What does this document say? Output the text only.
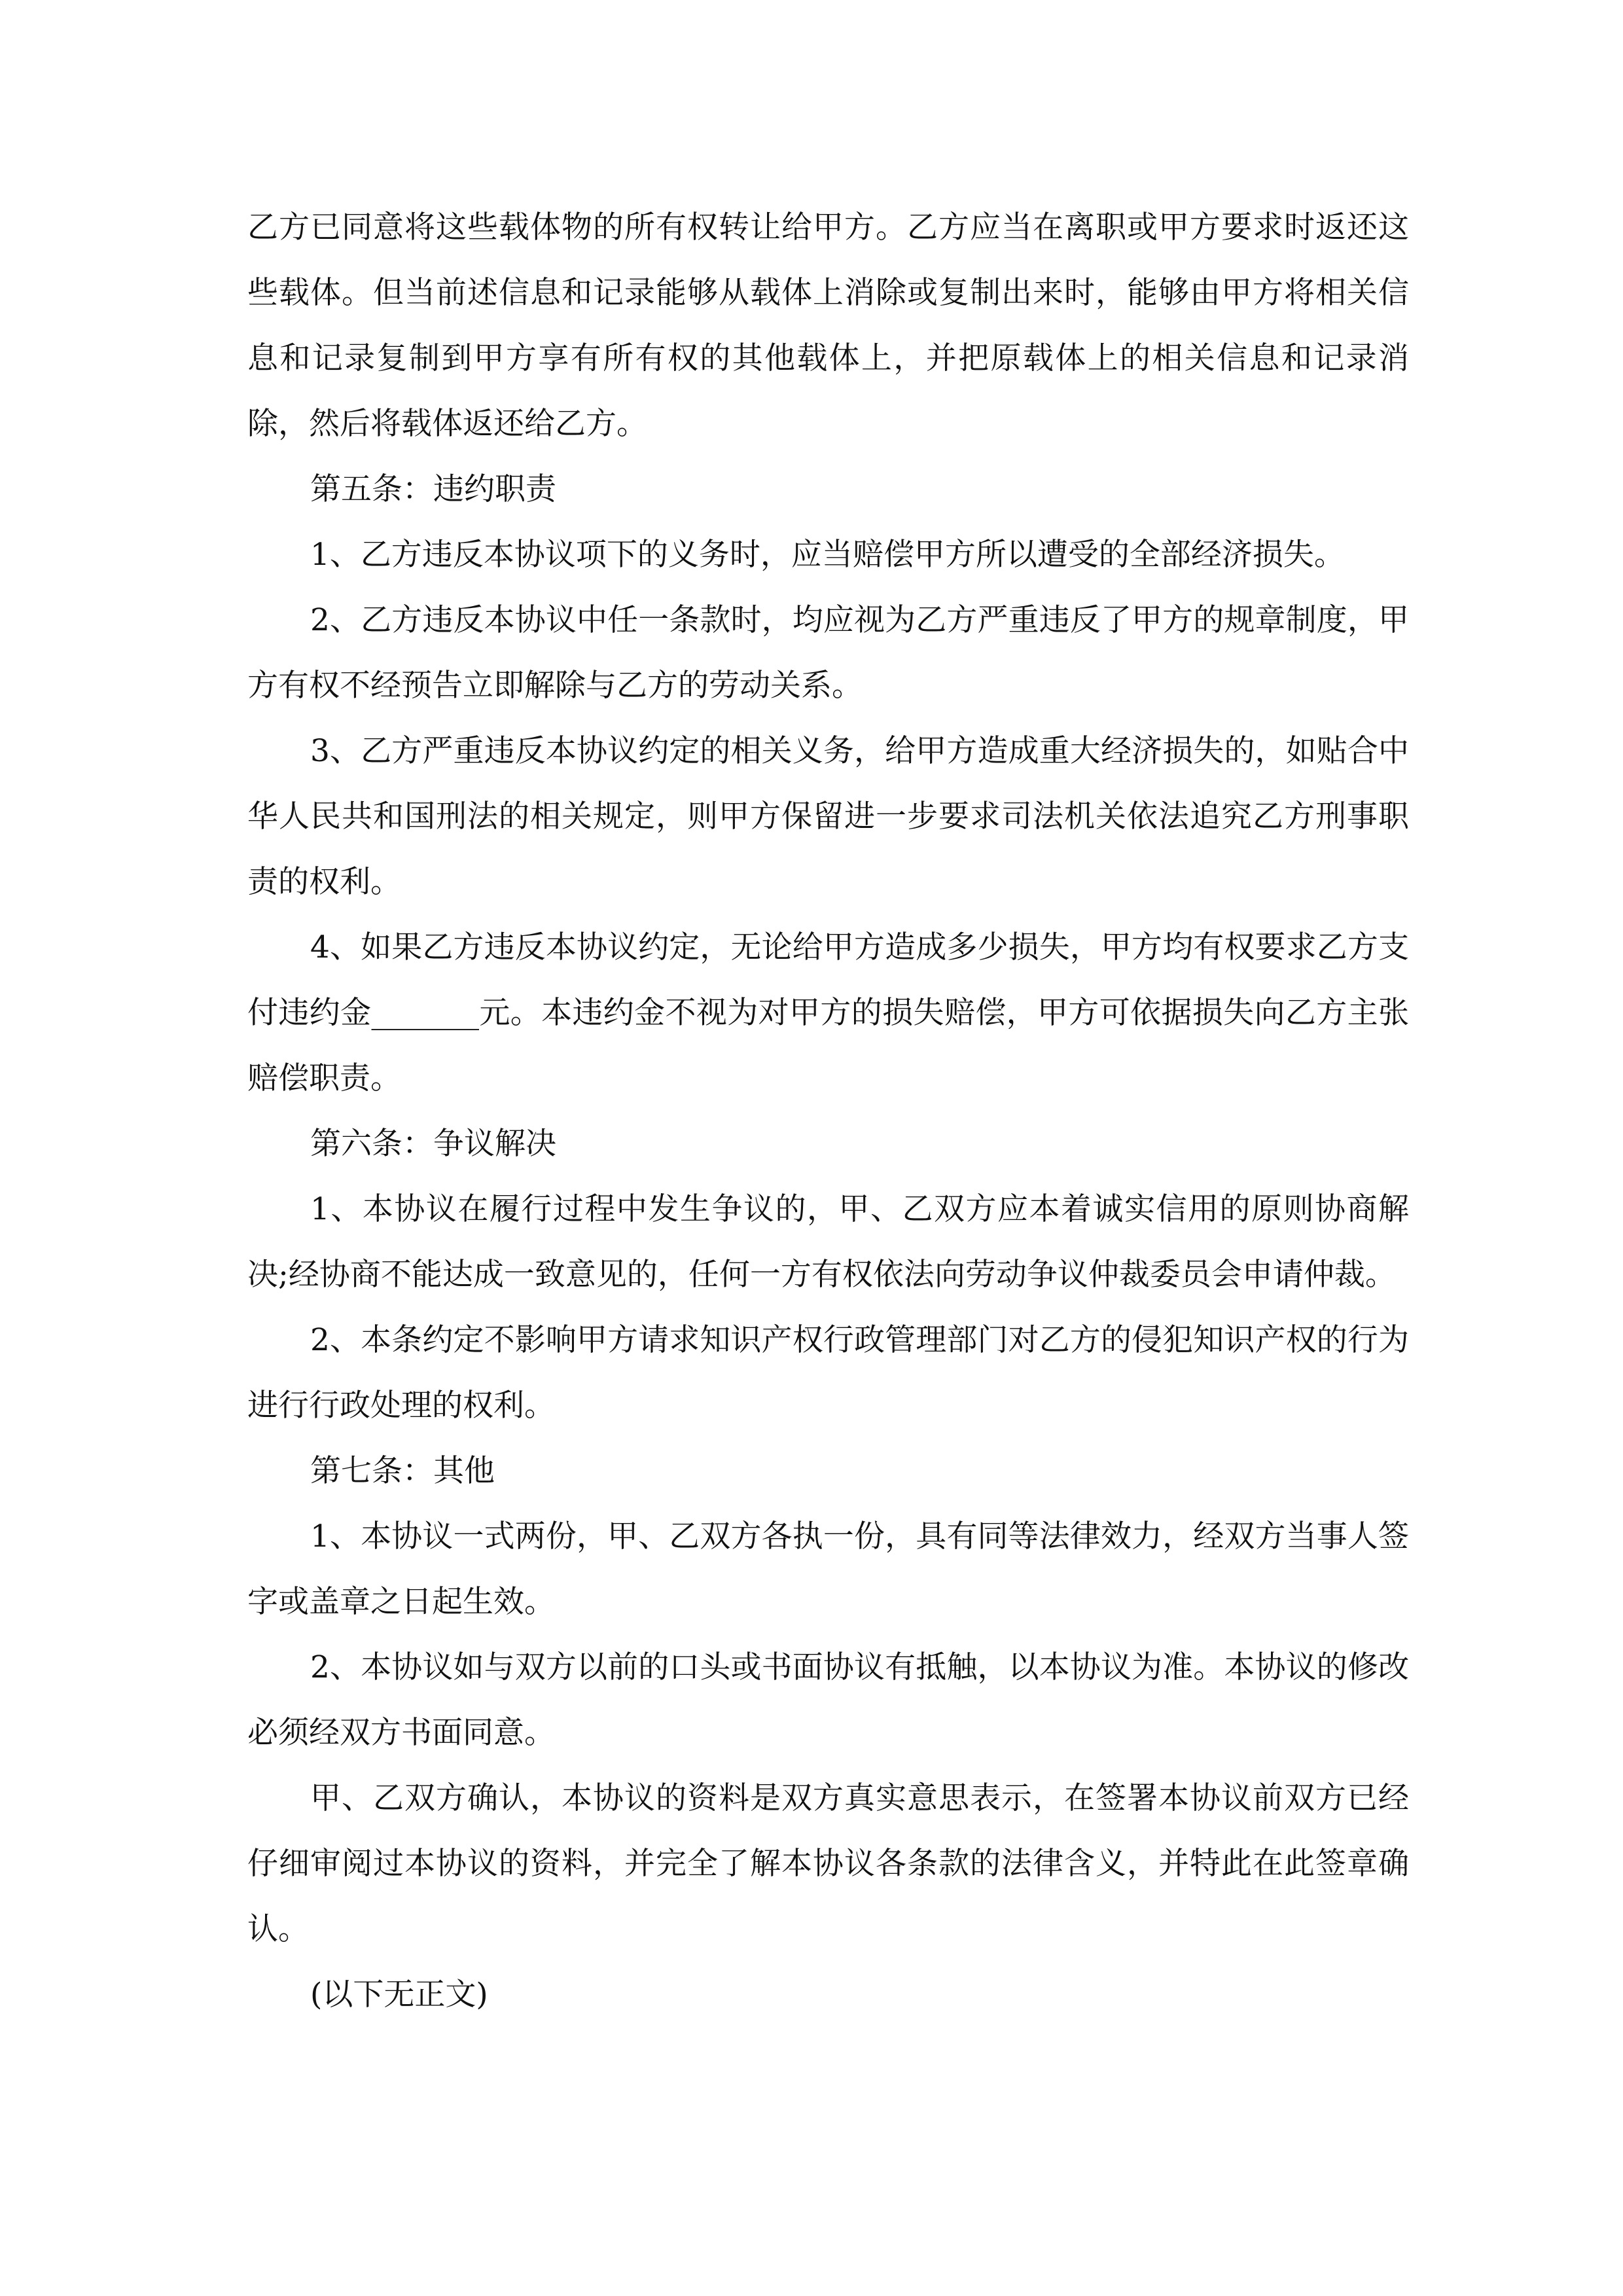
乙方已同意将这些载体物的所有权转让给甲方。乙方应当在离职或甲方要求时返还这些载体。但当前述信息和记录能够从载体上消除或复制出来时，能够由甲方将相关信息和记录复制到甲方享有所有权的其他载体上，并把原载体上的相关信息和记录消除，然后将载体返还给乙方。

第五条：违约职责

1、乙方违反本协议项下的义务时，应当赔偿甲方所以遭受的全部经济损失。

2、乙方违反本协议中任一条款时，均应视为乙方严重违反了甲方的规章制度，甲方有权不经预告立即解除与乙方的劳动关系。

3、乙方严重违反本协议约定的相关义务，给甲方造成重大经济损失的，如贴合中华人民共和国刑法的相关规定，则甲方保留进一步要求司法机关依法追究乙方刑事职责的权利。

4、如果乙方违反本协议约定，无论给甲方造成多少损失，甲方均有权要求乙方支付违约金_______元。本违约金不视为对甲方的损失赔偿，甲方可依据损失向乙方主张赔偿职责。

第六条：争议解决

1、本协议在履行过程中发生争议的，甲、乙双方应本着诚实信用的原则协商解决;经协商不能达成一致意见的，任何一方有权依法向劳动争议仲裁委员会申请仲裁。

2、本条约定不影响甲方请求知识产权行政管理部门对乙方的侵犯知识产权的行为进行行政处理的权利。

第七条：其他

1、本协议一式两份，甲、乙双方各执一份，具有同等法律效力，经双方当事人签字或盖章之日起生效。

2、本协议如与双方以前的口头或书面协议有抵触，以本协议为准。本协议的修改必须经双方书面同意。

甲、乙双方确认，本协议的资料是双方真实意思表示，在签署本协议前双方已经仔细审阅过本协议的资料，并完全了解本协议各条款的法律含义，并特此在此签章确认。

(以下无正文)
